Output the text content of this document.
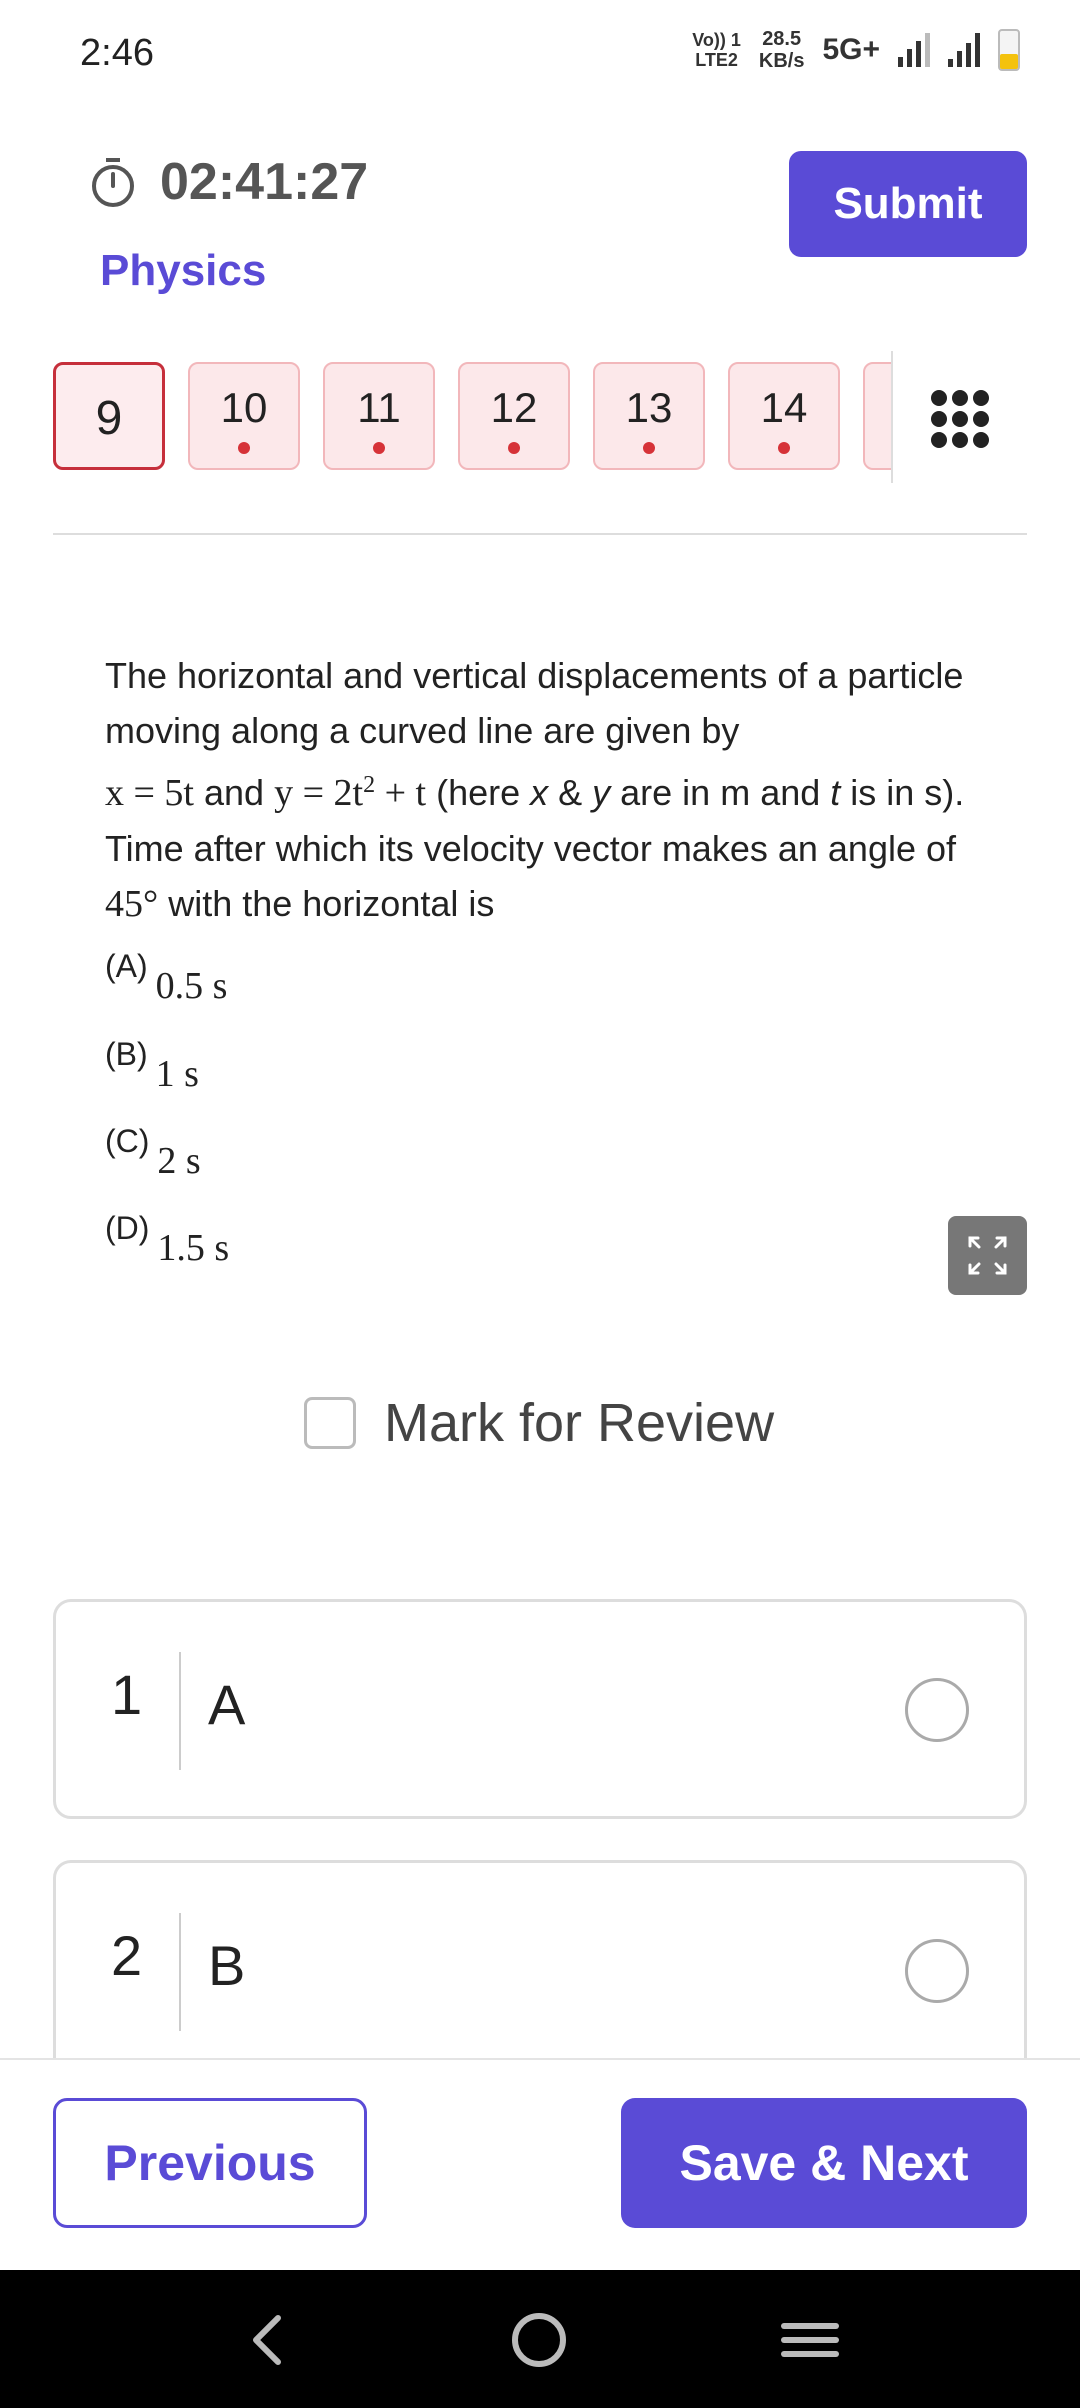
2:46	Vo)) 1
LTE2
28.5
KB/s 5G+
02:41:27
Physics
Submit
9	10	11	12	13	14
The horizontal and vertical displacements of a particle moving along a curved line are given by
x = 5t and $y = 2t^2 + t$ (here x & y are in m and t is in s). Time after which its velocity vector makes an angle of 45° with the horizontal is
(A) 0.5 s
(B) 1 s
(C) 2 s
(D) 1.5 s
Mark for Review
1 A
2 B
Previous	Save & Next
